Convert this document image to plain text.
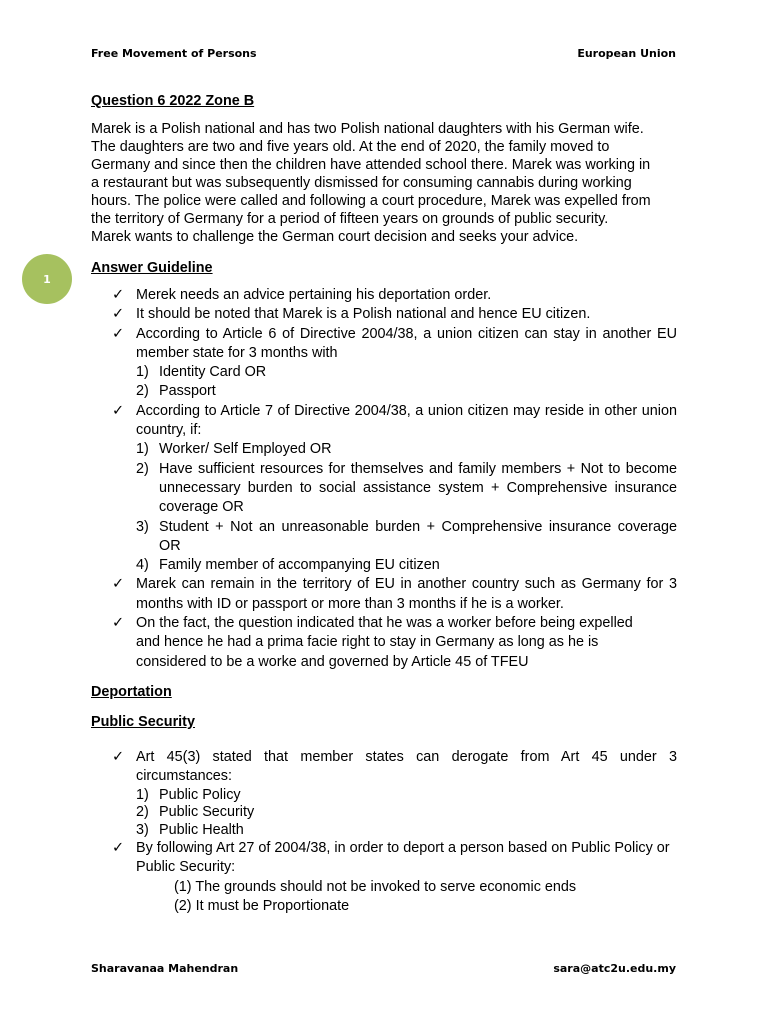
Free Movement of Persons	European Union
1
Question 6 2022 Zone B
Marek is a Polish national and has two Polish national daughters with his German wife.
The daughters are two and five years old. At the end of 2020, the family moved to
Germany and since then the children have attended school there. Marek was working in
a restaurant but was subsequently dismissed for consuming cannabis during working
hours. The police were called and following a court procedure, Marek was expelled from
the territory of Germany for a period of fifteen years on grounds of public security.
Marek wants to challenge the German court decision and seeks your advice.
Answer Guideline
✓ Merek needs an advice pertaining his deportation order.
✓ It should be noted that Marek is a Polish national and hence EU citizen.
✓ According to Article 6 of Directive 2004/38, a union citizen can stay in another EU member state for 3 months with
1) Identity Card OR
2) Passport
✓ According to Article 7 of Directive 2004/38, a union citizen may reside in other union country, if:
1) Worker/ Self Employed OR
2) Have sufficient resources for themselves and family members + Not to become unnecessary burden to social assistance system + Comprehensive insurance coverage OR
3) Student + Not an unreasonable burden + Comprehensive insurance coverage OR
4) Family member of accompanying EU citizen
✓ Marek can remain in the territory of EU in another country such as Germany for 3 months with ID or passport or more than 3 months if he is a worker.
✓ On the fact, the question indicated that he was a worker before being expelled
and hence he had a prima facie right to stay in Germany as long as he is
considered to be a worke and governed by Article 45 of TFEU
Deportation
Public Security
✓ Art 45(3) stated that member states can derogate from Art 45 under 3 circumstances:
1) Public Policy
2) Public Security
3) Public Health
✓ By following Art 27 of 2004/38, in order to deport a person based on Public Policy or Public Security:
(1) The grounds should not be invoked to serve economic ends
(2) It must be Proportionate
Sharavanaa Mahendran	sara@atc2u.edu.my
